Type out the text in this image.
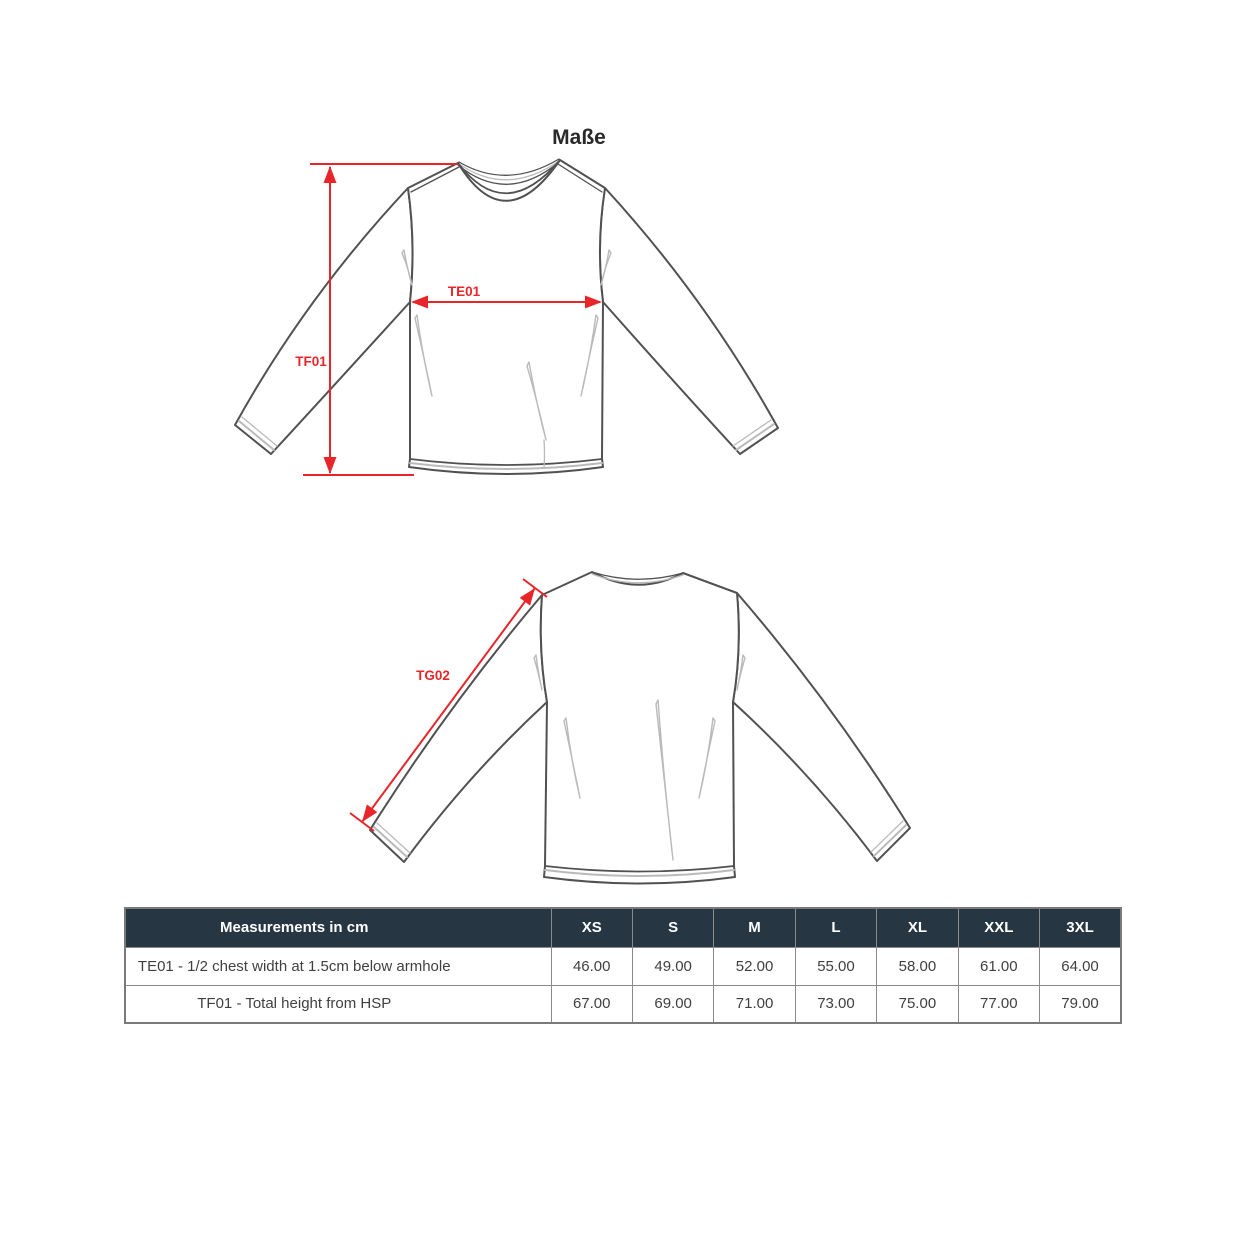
Maße
TF01
TE01
TG02
Measurements in cm	XS	S	M	L	XL	XXL	3XL
TE01 - 1/2 chest width at 1.5cm below armhole	46.00	49.00	52.00	55.00	58.00	61.00	64.00
TF01 - Total height from HSP	67.00	69.00	71.00	73.00	75.00	77.00	79.00
